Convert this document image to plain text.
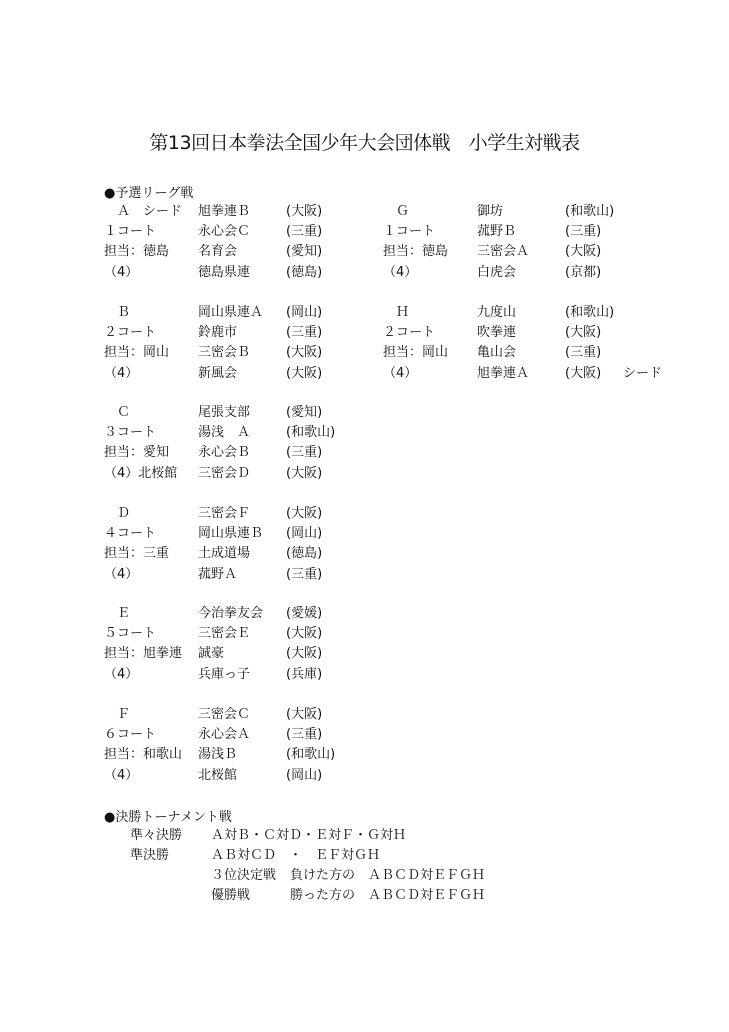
第13回日本拳法全国少年大会団体戦　小学生対戦表
●予選リーグ戦
　Ａ　シード 旭拳連Ｂ	(大阪)
１コート	永心会Ｃ	(三重)
担当：徳島 名育会	(愛知)
（4）	徳島県連	(徳島)
　Ｂ	岡山県連Ａ (岡山)
２コート	鈴鹿市	(三重)
担当：岡山 三密会Ｂ	(大阪)
（4）	新風会	(大阪)
　Ｃ	尾張支部	(愛知)
３コート	湯浅　Ａ	(和歌山)
担当：愛知 永心会Ｂ	(三重)
（4）北桜館 三密会Ｄ	(大阪)
　Ｄ	三密会Ｆ	(大阪)
４コート	岡山県連Ｂ (岡山)
担当：三重 土成道場	(徳島)
（4）	菰野Ａ	(三重)
　Ｅ	今治拳友会 (愛媛)
５コート	三密会Ｅ	(大阪)
担当：旭拳連 誠豪	(大阪)
（4）	兵庫っ子	(兵庫)
　Ｆ	三密会Ｃ	(大阪)
６コート	永心会Ａ	(三重)
担当：和歌山 湯浅Ｂ	(和歌山)
（4）	北桜館	(岡山)
　Ｇ	御坊	(和歌山)
１コート	菰野Ｂ	(三重)
担当：徳島 三密会Ａ	(大阪)
（4）	白虎会	(京都)
　Ｈ	九度山	(和歌山)
２コート	吹拳連	(大阪)
担当：岡山 亀山会	(三重)
（4）	旭拳連Ａ	(大阪) シード
●決勝トーナメント戦
準々決勝 Ａ対Ｂ・Ｃ対Ｄ・Ｅ対Ｆ・Ｇ対Ｈ
準決勝	ＡＢ対ＣＤ　・　ＥＦ対ＧＨ
３位決定戦 負けた方の　ＡＢＣＤ対ＥＦＧＨ
優勝戦	勝った方の　ＡＢＣＤ対ＥＦＧＨ
